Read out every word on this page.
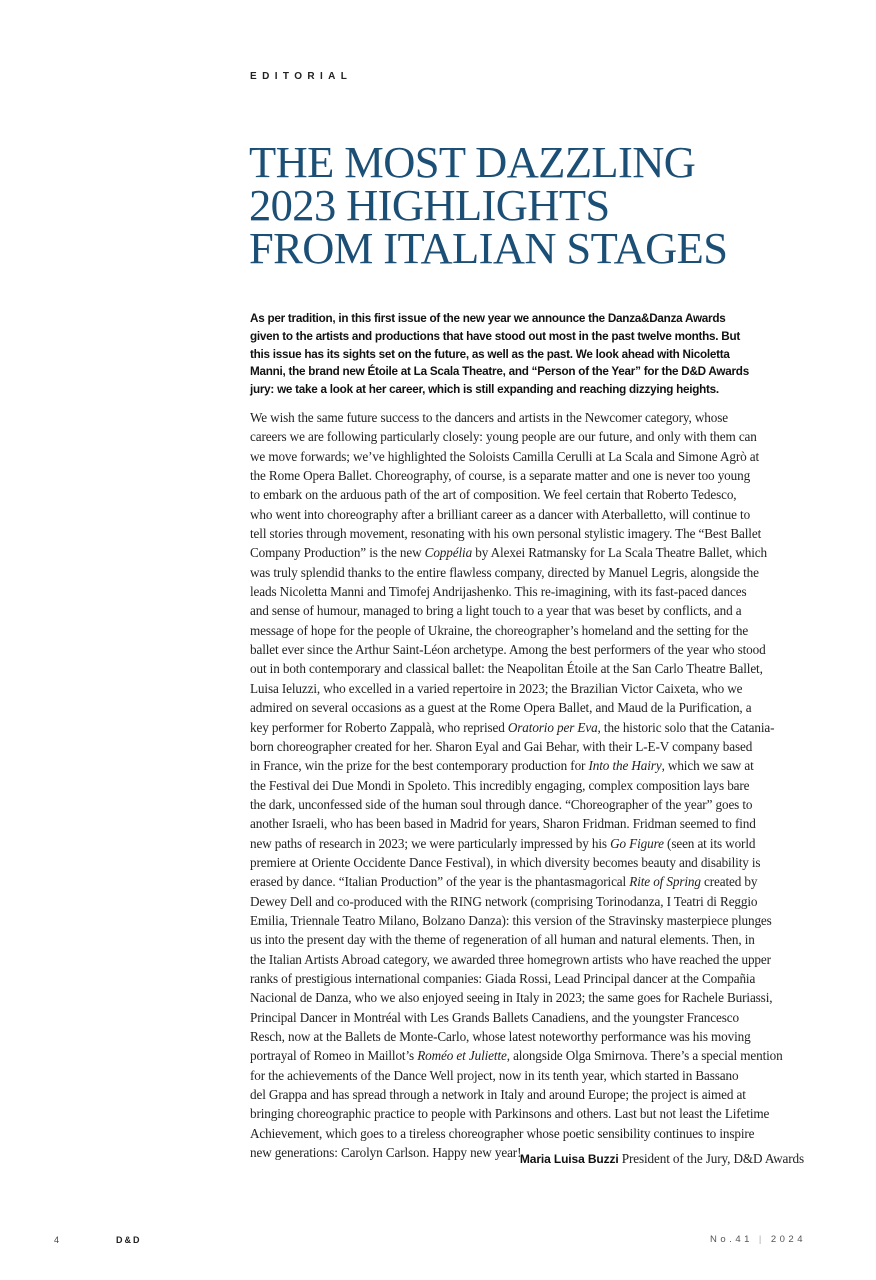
EDITORIAL
THE MOST DAZZLING
2023 HIGHLIGHTS
FROM ITALIAN STAGES

As per tradition, in this first issue of the new year we announce the Danza&Danza Awards
given to the artists and productions that have stood out most in the past twelve months. But
this issue has its sights set on the future, as well as the past. We look ahead with Nicoletta
Manni, the brand new Étoile at La Scala Theatre, and “Person of the Year” for the D&D Awards
jury: we take a look at her career, which is still expanding and reaching dizzying heights.

We wish the same future success to the dancers and artists in the Newcomer category, whose
careers we are following particularly closely: young people are our future, and only with them can
we move forwards; we’ve highlighted the Soloists Camilla Cerulli at La Scala and Simone Agrò at
the Rome Opera Ballet. Choreography, of course, is a separate matter and one is never too young
to embark on the arduous path of the art of composition. We feel certain that Roberto Tedesco,
who went into choreography after a brilliant career as a dancer with Aterballetto, will continue to
tell stories through movement, resonating with his own personal stylistic imagery. The “Best Ballet
Company Production” is the new Coppélia by Alexei Ratmansky for La Scala Theatre Ballet, which
was truly splendid thanks to the entire flawless company, directed by Manuel Legris, alongside the
leads Nicoletta Manni and Timofej Andrijashenko. This re-imagining, with its fast-paced dances
and sense of humour, managed to bring a light touch to a year that was beset by conflicts, and a
message of hope for the people of Ukraine, the choreographer’s homeland and the setting for the
ballet ever since the Arthur Saint-Léon archetype. Among the best performers of the year who stood
out in both contemporary and classical ballet: the Neapolitan Étoile at the San Carlo Theatre Ballet,
Luisa Ieluzzi, who excelled in a varied repertoire in 2023; the Brazilian Victor Caixeta, who we
admired on several occasions as a guest at the Rome Opera Ballet, and Maud de la Purification, a
key performer for Roberto Zappalà, who reprised Oratorio per Eva, the historic solo that the Catania-
born choreographer created for her. Sharon Eyal and Gai Behar, with their L-E-V company based
in France, win the prize for the best contemporary production for Into the Hairy, which we saw at
the Festival dei Due Mondi in Spoleto. This incredibly engaging, complex composition lays bare
the dark, unconfessed side of the human soul through dance. “Choreographer of the year” goes to
another Israeli, who has been based in Madrid for years, Sharon Fridman. Fridman seemed to find
new paths of research in 2023; we were particularly impressed by his Go Figure (seen at its world
premiere at Oriente Occidente Dance Festival), in which diversity becomes beauty and disability is
erased by dance. “Italian Production” of the year is the phantasmagorical Rite of Spring created by
Dewey Dell and co-produced with the RING network (comprising Torinodanza, I Teatri di Reggio
Emilia, Triennale Teatro Milano, Bolzano Danza): this version of the Stravinsky masterpiece plunges
us into the present day with the theme of regeneration of all human and natural elements. Then, in
the Italian Artists Abroad category, we awarded three homegrown artists who have reached the upper
ranks of prestigious international companies: Giada Rossi, Lead Principal dancer at the Compañia
Nacional de Danza, who we also enjoyed seeing in Italy in 2023; the same goes for Rachele Buriassi,
Principal Dancer in Montréal with Les Grands Ballets Canadiens, and the youngster Francesco
Resch, now at the Ballets de Monte-Carlo, whose latest noteworthy performance was his moving
portrayal of Romeo in Maillot’s Roméo et Juliette, alongside Olga Smirnova. There’s a special mention
for the achievements of the Dance Well project, now in its tenth year, which started in Bassano
del Grappa and has spread through a network in Italy and around Europe; the project is aimed at
bringing choreographic practice to people with Parkinsons and others. Last but not least the Lifetime
Achievement, which goes to a tireless choreographer whose poetic sensibility continues to inspire
new generations: Carolyn Carlson. Happy new year!

Maria Luisa Buzzi President of the Jury, D&D Awards
4	D&D	No.41 | 2024
